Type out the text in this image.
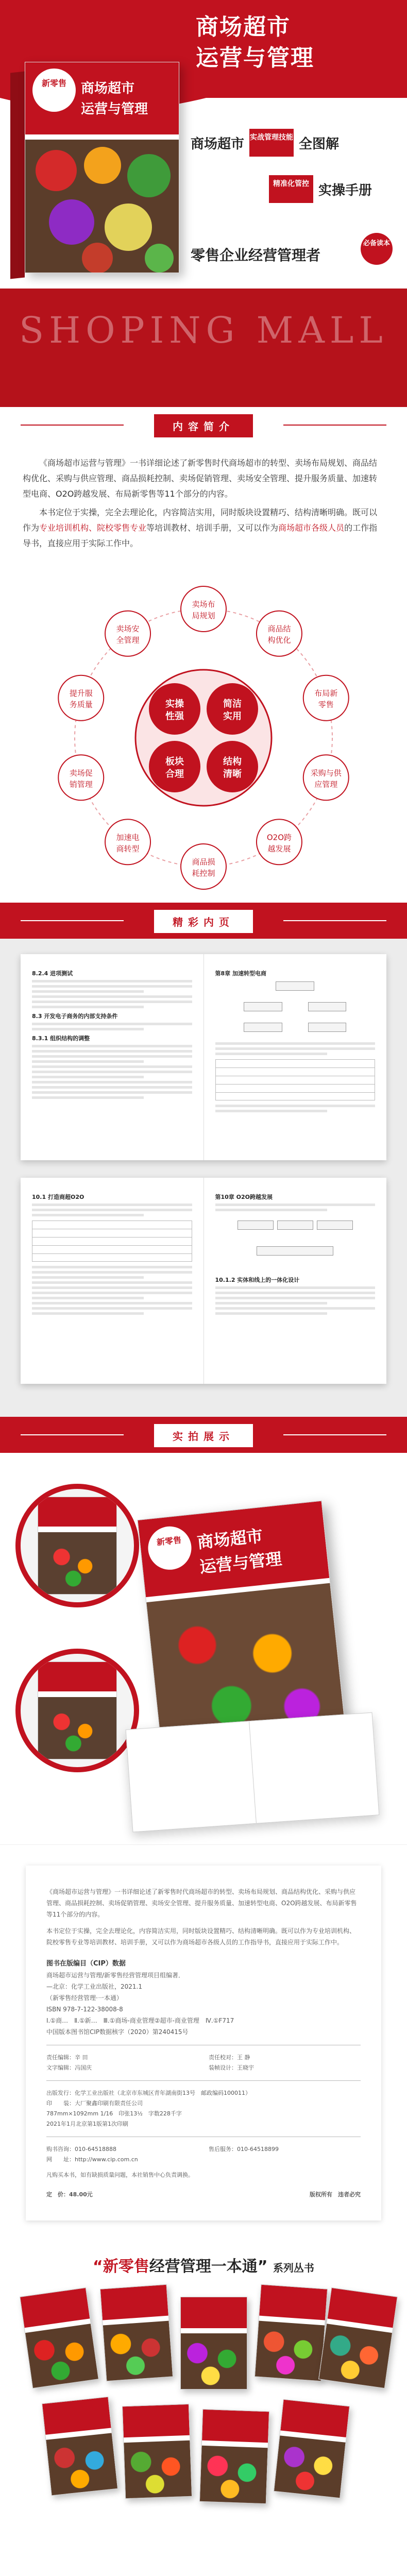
新零售	商场超市
运营与管理
商场超市
运营与管理
商场超市 实战管理技能 全图解
精准化管控 实操手册
零售企业经营管理者
必备读本
SHOPING MALL
内容简介

《商场超市运营与管理》一书详细论述了新零售时代商场超市的转型、卖场布局规划、商品结构优化、采购与供应管理、商品损耗控制、卖场促销管理、卖场安全管理、提升服务质量、加速转型电商、O2O跨越发展、布局新零售等11个部分的内容。

本书定位于实操，完全去理论化，内容简洁实用，同时版块设置精巧、结构清晰明确。既可以作为专业培训机构、院校零售专业等培训教材、培训手册，又可以作为商场超市各级人员的工作指导书，直接应用于实际工作中。

实操
性强
简洁
实用
板块
合理
结构
清晰
卖场布
局规划
商品结
构优化
布局新
零售
采购与供
应管理
O2O跨
越发展
商品损
耗控制
加速电
商转型
卖场促
销管理
提升服
务质量
卖场安
全管理
精彩内页
8.2.4 进项测试
8.3 开发电子商务的内部支持条件
8.3.1 组织结构的调整
第8章 加速转型电商
10.1 打造商超O2O	第10章 O2O跨越发展
10.1.2 实体和线上的一体化设计
实拍展示
新零售 商场超市
运营与管理

《商场超市运营与管理》一书详细论述了新零售时代商场超市的转型、卖场布局规划、商品结构优化、采购与供应管理、商品损耗控制、卖场促销管理、卖场安全管理、提升服务质量、加速转型电商、O2O跨越发展、布局新零售等11个部分的内容。

本书定位于实操，完全去理论化，内容简洁实用，同时版块设置精巧、结构清晰明确。既可以作为专业培训机构、院校零售专业等培训教材、培训手册，又可以作为商场超市各级人员的工作指导书，直接应用于实际工作中。

图书在版编目（CIP）数据
商场超市运营与管理/新零售经营管理项目组编著．
—北京：化学工业出版社，2021.1
（新零售经营管理·一本通）
ISBN 978-7-122-38008-8
Ⅰ.①商…　Ⅱ.①新…　Ⅲ.①商场-商业管理②超市-商业管理　Ⅳ.①F717
中国版本图书馆CIP数据核字（2020）第240415号
责任编辑：辛 田	责任校对：王 静
文字编辑：冯国庆	装帧设计：王晓宇
出版发行：化学工业出版社（北京市东城区青年湖南街13号　邮政编码100011）
印　　装：大厂聚鑫印刷有限责任公司
787mm×1092mm 1/16　印张13½　字数228千字
2021年1月北京第1版第1次印刷
购书咨询：010-64518888	售后服务：010-64518899
网　　址：http://www.cip.com.cn
凡购买本书，如有缺损质量问题，本社销售中心负责调换。
定　价：48.00元	版权所有　违者必究
“新零售经营管理一本通” 系列丛书
